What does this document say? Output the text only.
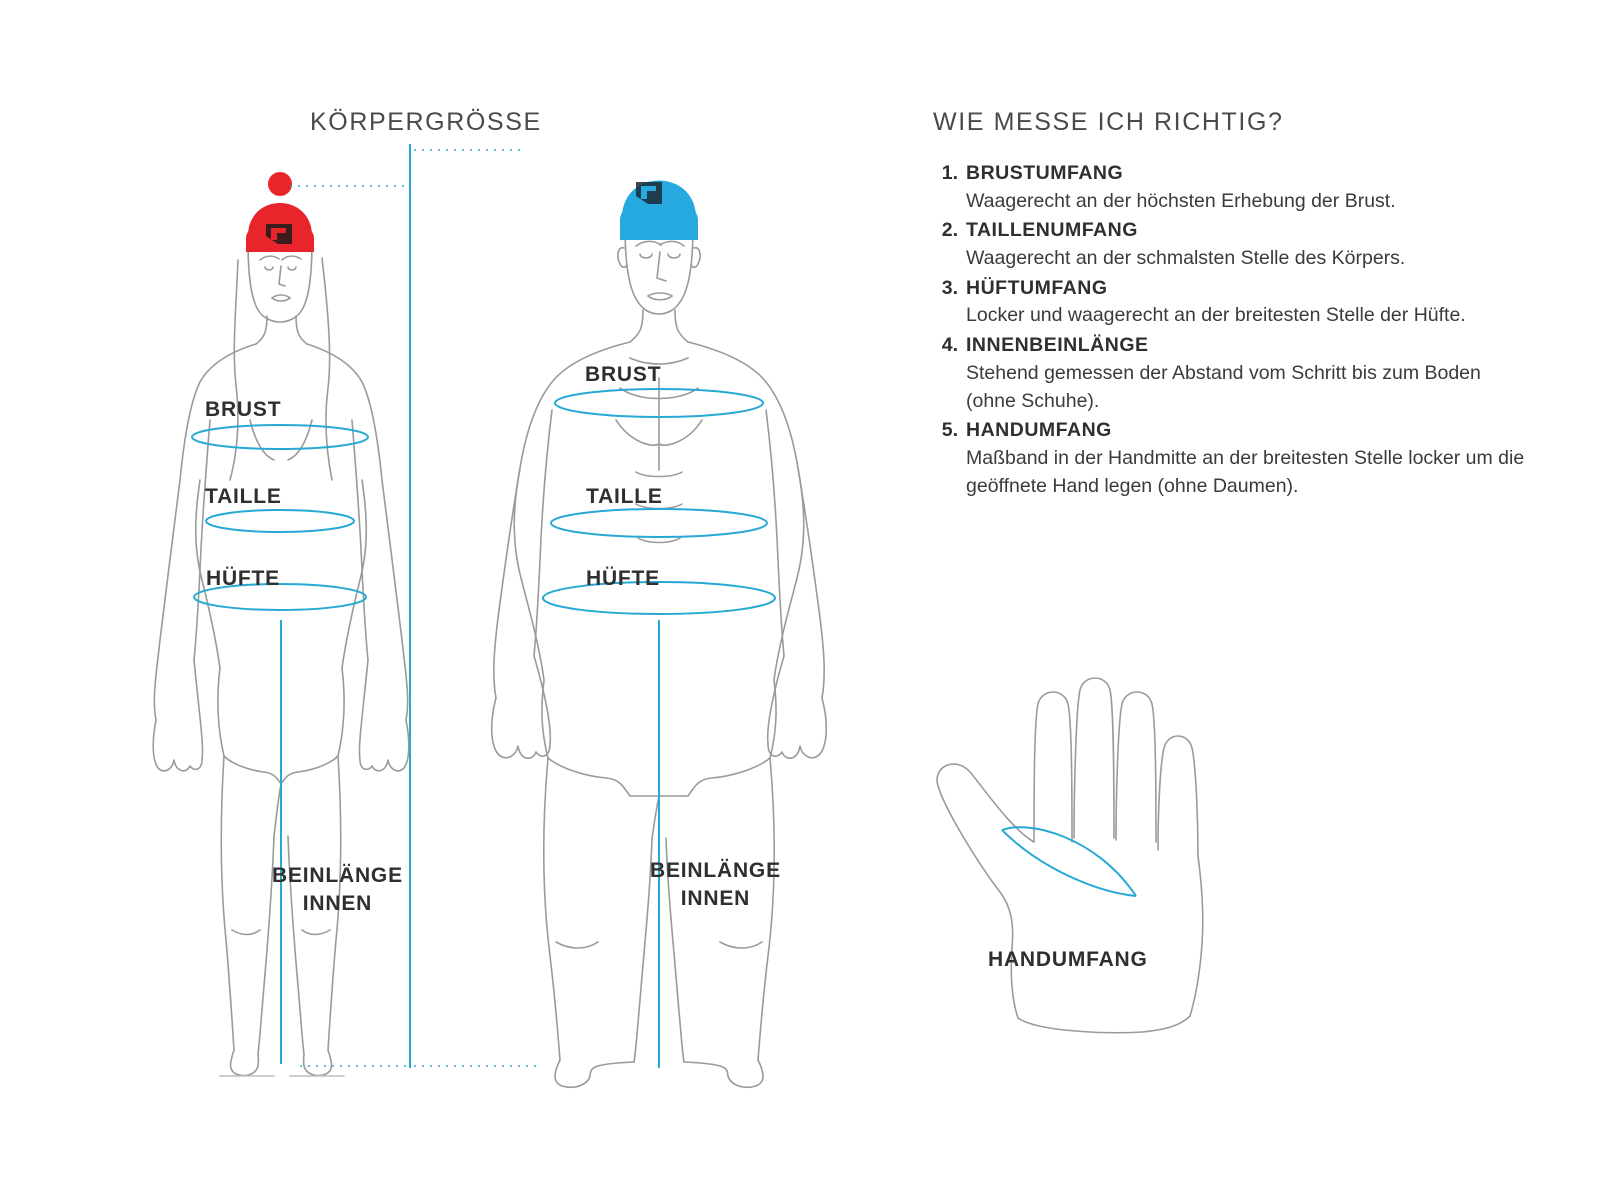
KÖRPERGRÖSSE
BRUST
TAILLE
HÜFTE
BEINLÄNGE
INNEN
BRUST
TAILLE
HÜFTE
BEINLÄNGE
INNEN
WIE MESSE ICH RICHTIG?
BRUSTUMFANG
Waagerecht an der höchsten Erhebung der Brust.
TAILLENUMFANG
Waagerecht an der schmalsten Stelle des Körpers.
HÜFTUMFANG
Locker und waagerecht an der breitesten Stelle der Hüfte.
INNENBEINLÄNGE
Stehend gemessen der Abstand vom Schritt bis zum Boden (ohne Schuhe).
HANDUMFANG
Maßband in der Handmitte an der breitesten Stelle locker um die geöffnete Hand legen (ohne Daumen).
HANDUMFANG
